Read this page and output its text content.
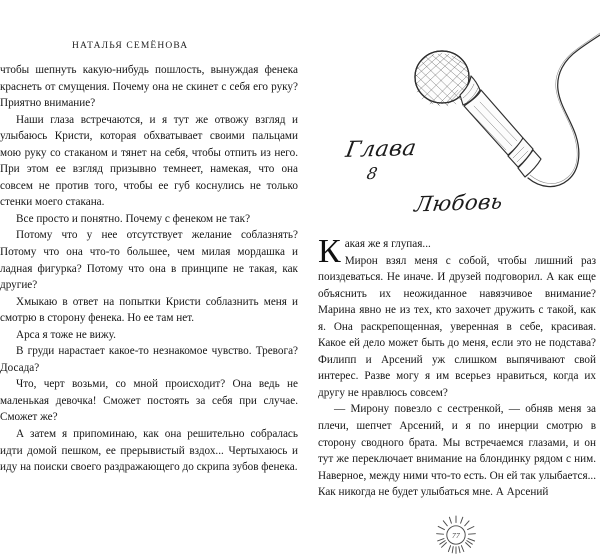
НАТАЛЬЯ СЕМЁНОВА

чтобы шепнуть какую-нибудь пошлость, вынуждая фенека краснеть от смущения. Почему она не скинет с себя его руку? Приятно внимание?

Наши глаза встречаются, и я тут же отвожу взгляд и улыбаюсь Кристи, которая обхватывает своими пальцами мою руку со стаканом и тянет на себя, чтобы отпить из него. При этом ее взгляд призывно темнеет, намекая, что она совсем не против того, чтобы ее губ коснулись не только стенки моего стакана.

Все просто и понятно. Почему с фенеком не так?

Потому что у нее отсутствует желание соблазнять? Потому что она что-то большее, чем милая мордашка и ладная фигурка? Потому что она в принципе не такая, как другие?

Хмыкаю в ответ на попытки Кристи соблазнить меня и смотрю в сторону фенека. Но ее там нет.

Арса я тоже не вижу.

В груди нарастает какое-то незнакомое чувство. Тревога? Досада?

Что, черт возьми, со мной происходит? Она ведь не маленькая девочка! Сможет постоять за себя при случае. Сможет же?

А затем я припоминаю, как она решительно собралась идти домой пешком, ее прерывистый вздох... Чертыхаюсь и иду на поиски своего раздражающего до скрипа зубов фенека.

Глава
8
Любовь

Какая же я глупая...

Мирон взял меня с собой, чтобы лишний раз поиздеваться. Не иначе. И друзей подговорил. А как еще объяснить их неожиданное навязчивое внимание? Марина явно не из тех, кто захочет дружить с такой, как я. Она раскрепощенная, уверенная в себе, красивая. Какое ей дело может быть до меня, если это не подстава? Филипп и Арсений уж слишком выпячивают свой интерес. Разве могу я им всерьез нравиться, когда их другу не нравлюсь совсем?

— Мирону повезло с сестренкой, — обняв меня за плечи, шепчет Арсений, и я по инерции смотрю в сторону сводного брата. Мы встречаемся глазами, и он тут же переключает внимание на блондинку рядом с ним. Наверное, между ними что-то есть. Он ей так улыбается... Как никогда не будет улыбаться мне. А Арсений

77
